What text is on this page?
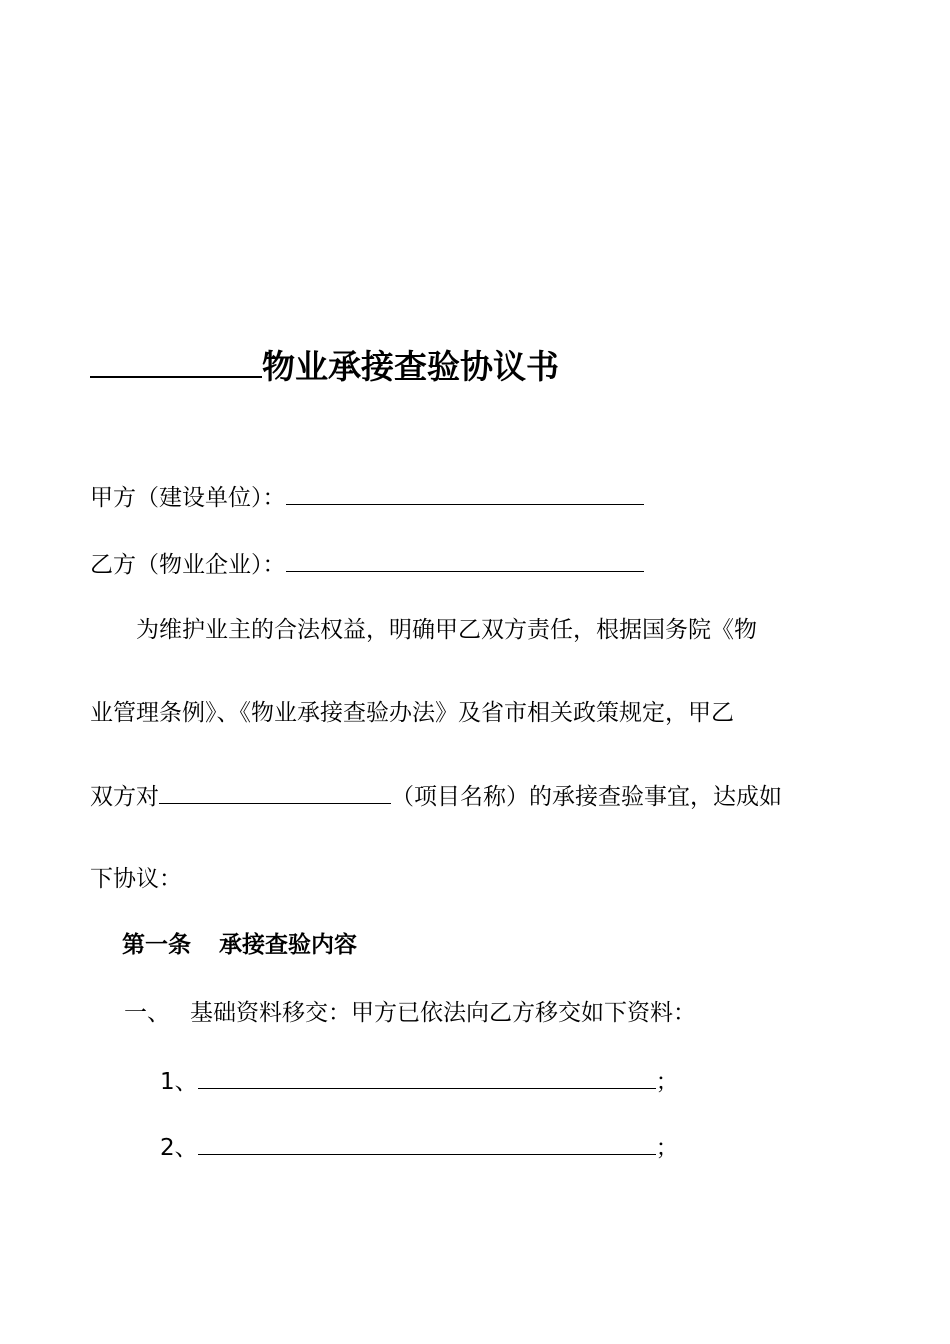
物业承接查验协议书
甲方（建设单位）：
乙方（物业企业）：
为维护业主的合法权益，明确甲乙双方责任，根据国务院《物
业管理条例》、《物业承接查验办法》及省市相关政策规定，甲乙
双方对	（项目名称）的承接查验事宜，达成如
下协议：
第一条 承接查验内容
一、 基础资料移交：甲方已依法向乙方移交如下资料：
1、	；
2、	；
